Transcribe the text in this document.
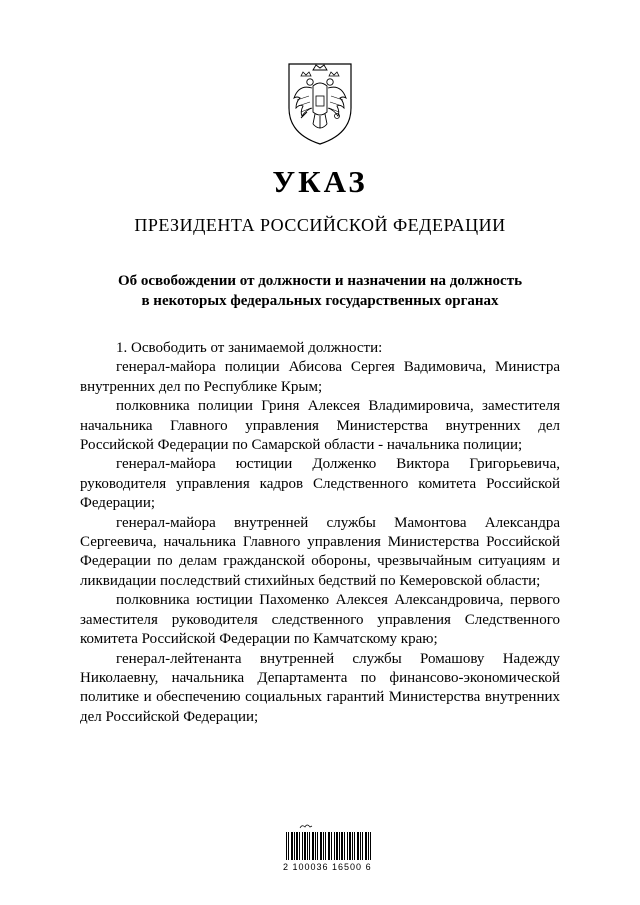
УКАЗ
ПРЕЗИДЕНТА РОССИЙСКОЙ ФЕДЕРАЦИИ
Об освобождении от должности и назначении на должность
в некоторых федеральных государственных органах

1. Освободить от занимаемой должности:

генерал-майора полиции Абисова Сергея Вадимовича, Министра внутренних дел по Республике Крым;

полковника полиции Гриня Алексея Владимировича, заместителя начальника Главного управления Министерства внутренних дел Российской Федерации по Самарской области - начальника полиции;

генерал-майора юстиции Долженко Виктора Григорьевича, руководителя управления кадров Следственного комитета Российской Федерации;

генерал-майора внутренней службы Мамонтова Александра Сергеевича, начальника Главного управления Министерства Российской Федерации по делам гражданской обороны, чрезвычайным ситуациям и ликвидации последствий стихийных бедствий по Кемеровской области;

полковника юстиции Пахоменко Алексея Александровича, первого заместителя руководителя следственного управления Следственного комитета Российской Федерации по Камчатскому краю;

генерал-лейтенанта внутренней службы Ромашову Надежду Николаевну, начальника Департамента по финансово-экономической политике и обеспечению социальных гарантий Министерства внутренних дел Российской Федерации;

2 100036 16500 6
